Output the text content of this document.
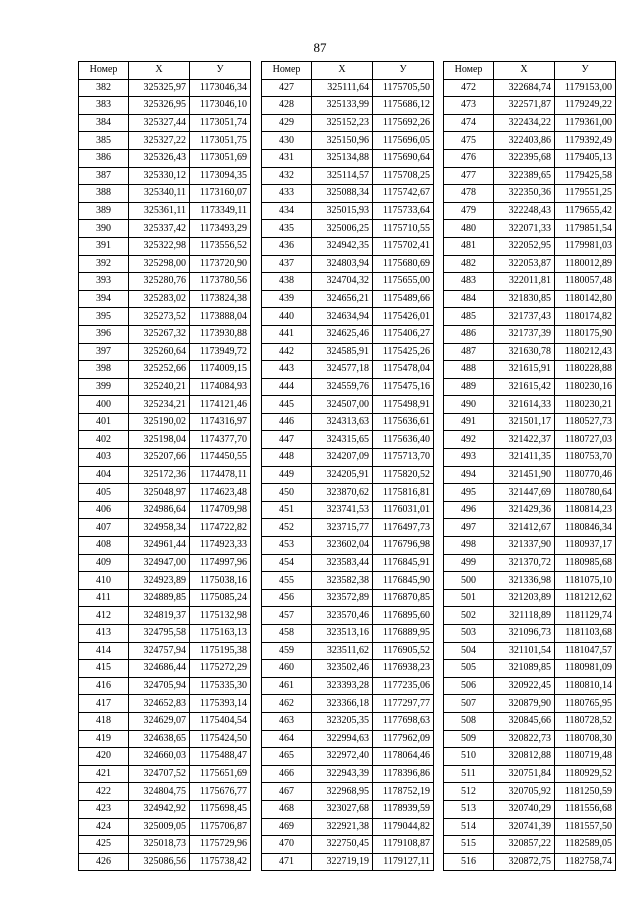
87
Номер	X	У
382	325325,97	1173046,34
383	325326,95	1173046,10
384	325327,44	1173051,74
385	325327,22	1173051,75
386	325326,43	1173051,69
387	325330,12	1173094,35
388	325340,11	1173160,07
389	325361,11	1173349,11
390	325337,42	1173493,29
391	325322,98	1173556,52
392	325298,00	1173720,90
393	325280,76	1173780,56
394	325283,02	1173824,38
395	325273,52	1173888,04
396	325267,32	1173930,88
397	325260,64	1173949,72
398	325252,66	1174009,15
399	325240,21	1174084,93
400	325234,21	1174121,46
401	325190,02	1174316,97
402	325198,04	1174377,70
403	325207,66	1174450,55
404	325172,36	1174478,11
405	325048,97	1174623,48
406	324986,64	1174709,98
407	324958,34	1174722,82
408	324961,44	1174923,33
409	324947,00	1174997,96
410	324923,89	1175038,16
411	324889,85	1175085,24
412	324819,37	1175132,98
413	324795,58	1175163,13
414	324757,94	1175195,38
415	324686,44	1175272,29
416	324705,94	1175335,30
417	324652,83	1175393,14
418	324629,07	1175404,54
419	324638,65	1175424,50
420	324660,03	1175488,47
421	324707,52	1175651,69
422	324804,75	1175676,77
423	324942,92	1175698,45
424	325009,05	1175706,87
425	325018,73	1175729,96
426	325086,56	1175738,42
Номер	X	У
427	325111,64	1175705,50
428	325133,99	1175686,12
429	325152,23	1175692,26
430	325150,96	1175696,05
431	325134,88	1175690,64
432	325114,57	1175708,25
433	325088,34	1175742,67
434	325015,93	1175733,64
435	325006,25	1175710,55
436	324942,35	1175702,41
437	324803,94	1175680,69
438	324704,32	1175655,00
439	324656,21	1175489,66
440	324634,94	1175426,01
441	324625,46	1175406,27
442	324585,91	1175425,26
443	324577,18	1175478,04
444	324559,76	1175475,16
445	324507,00	1175498,91
446	324313,63	1175636,61
447	324315,65	1175636,40
448	324207,09	1175713,70
449	324205,91	1175820,52
450	323870,62	1175816,81
451	323741,53	1176031,01
452	323715,77	1176497,73
453	323602,04	1176796,98
454	323583,44	1176845,91
455	323582,38	1176845,90
456	323572,89	1176870,85
457	323570,46	1176895,60
458	323513,16	1176889,95
459	323511,62	1176905,52
460	323502,46	1176938,23
461	323393,28	1177235,06
462	323366,18	1177297,77
463	323205,35	1177698,63
464	322994,63	1177962,09
465	322972,40	1178064,46
466	322943,39	1178396,86
467	322968,95	1178752,19
468	323027,68	1178939,59
469	322921,38	1179044,82
470	322750,45	1179108,87
471	322719,19	1179127,11
Номер	X	У
472	322684,74	1179153,00
473	322571,87	1179249,22
474	322434,22	1179361,00
475	322403,86	1179392,49
476	322395,68	1179405,13
477	322389,65	1179425,58
478	322350,36	1179551,25
479	322248,43	1179655,42
480	322071,33	1179851,54
481	322052,95	1179981,03
482	322053,87	1180012,89
483	322011,81	1180057,48
484	321830,85	1180142,80
485	321737,43	1180174,82
486	321737,39	1180175,90
487	321630,78	1180212,43
488	321615,91	1180228,88
489	321615,42	1180230,16
490	321614,33	1180230,21
491	321501,17	1180527,73
492	321422,37	1180727,03
493	321411,35	1180753,70
494	321451,90	1180770,46
495	321447,69	1180780,64
496	321429,36	1180814,23
497	321412,67	1180846,34
498	321337,90	1180937,17
499	321370,72	1180985,68
500	321336,98	1181075,10
501	321203,89	1181212,62
502	321118,89	1181129,74
503	321096,73	1181103,68
504	321101,54	1181047,57
505	321089,85	1180981,09
506	320922,45	1180810,14
507	320879,90	1180765,95
508	320845,66	1180728,52
509	320822,73	1180708,30
510	320812,88	1180719,48
511	320751,84	1180929,52
512	320705,92	1181250,59
513	320740,29	1181556,68
514	320741,39	1181557,50
515	320857,22	1182589,05
516	320872,75	1182758,74
